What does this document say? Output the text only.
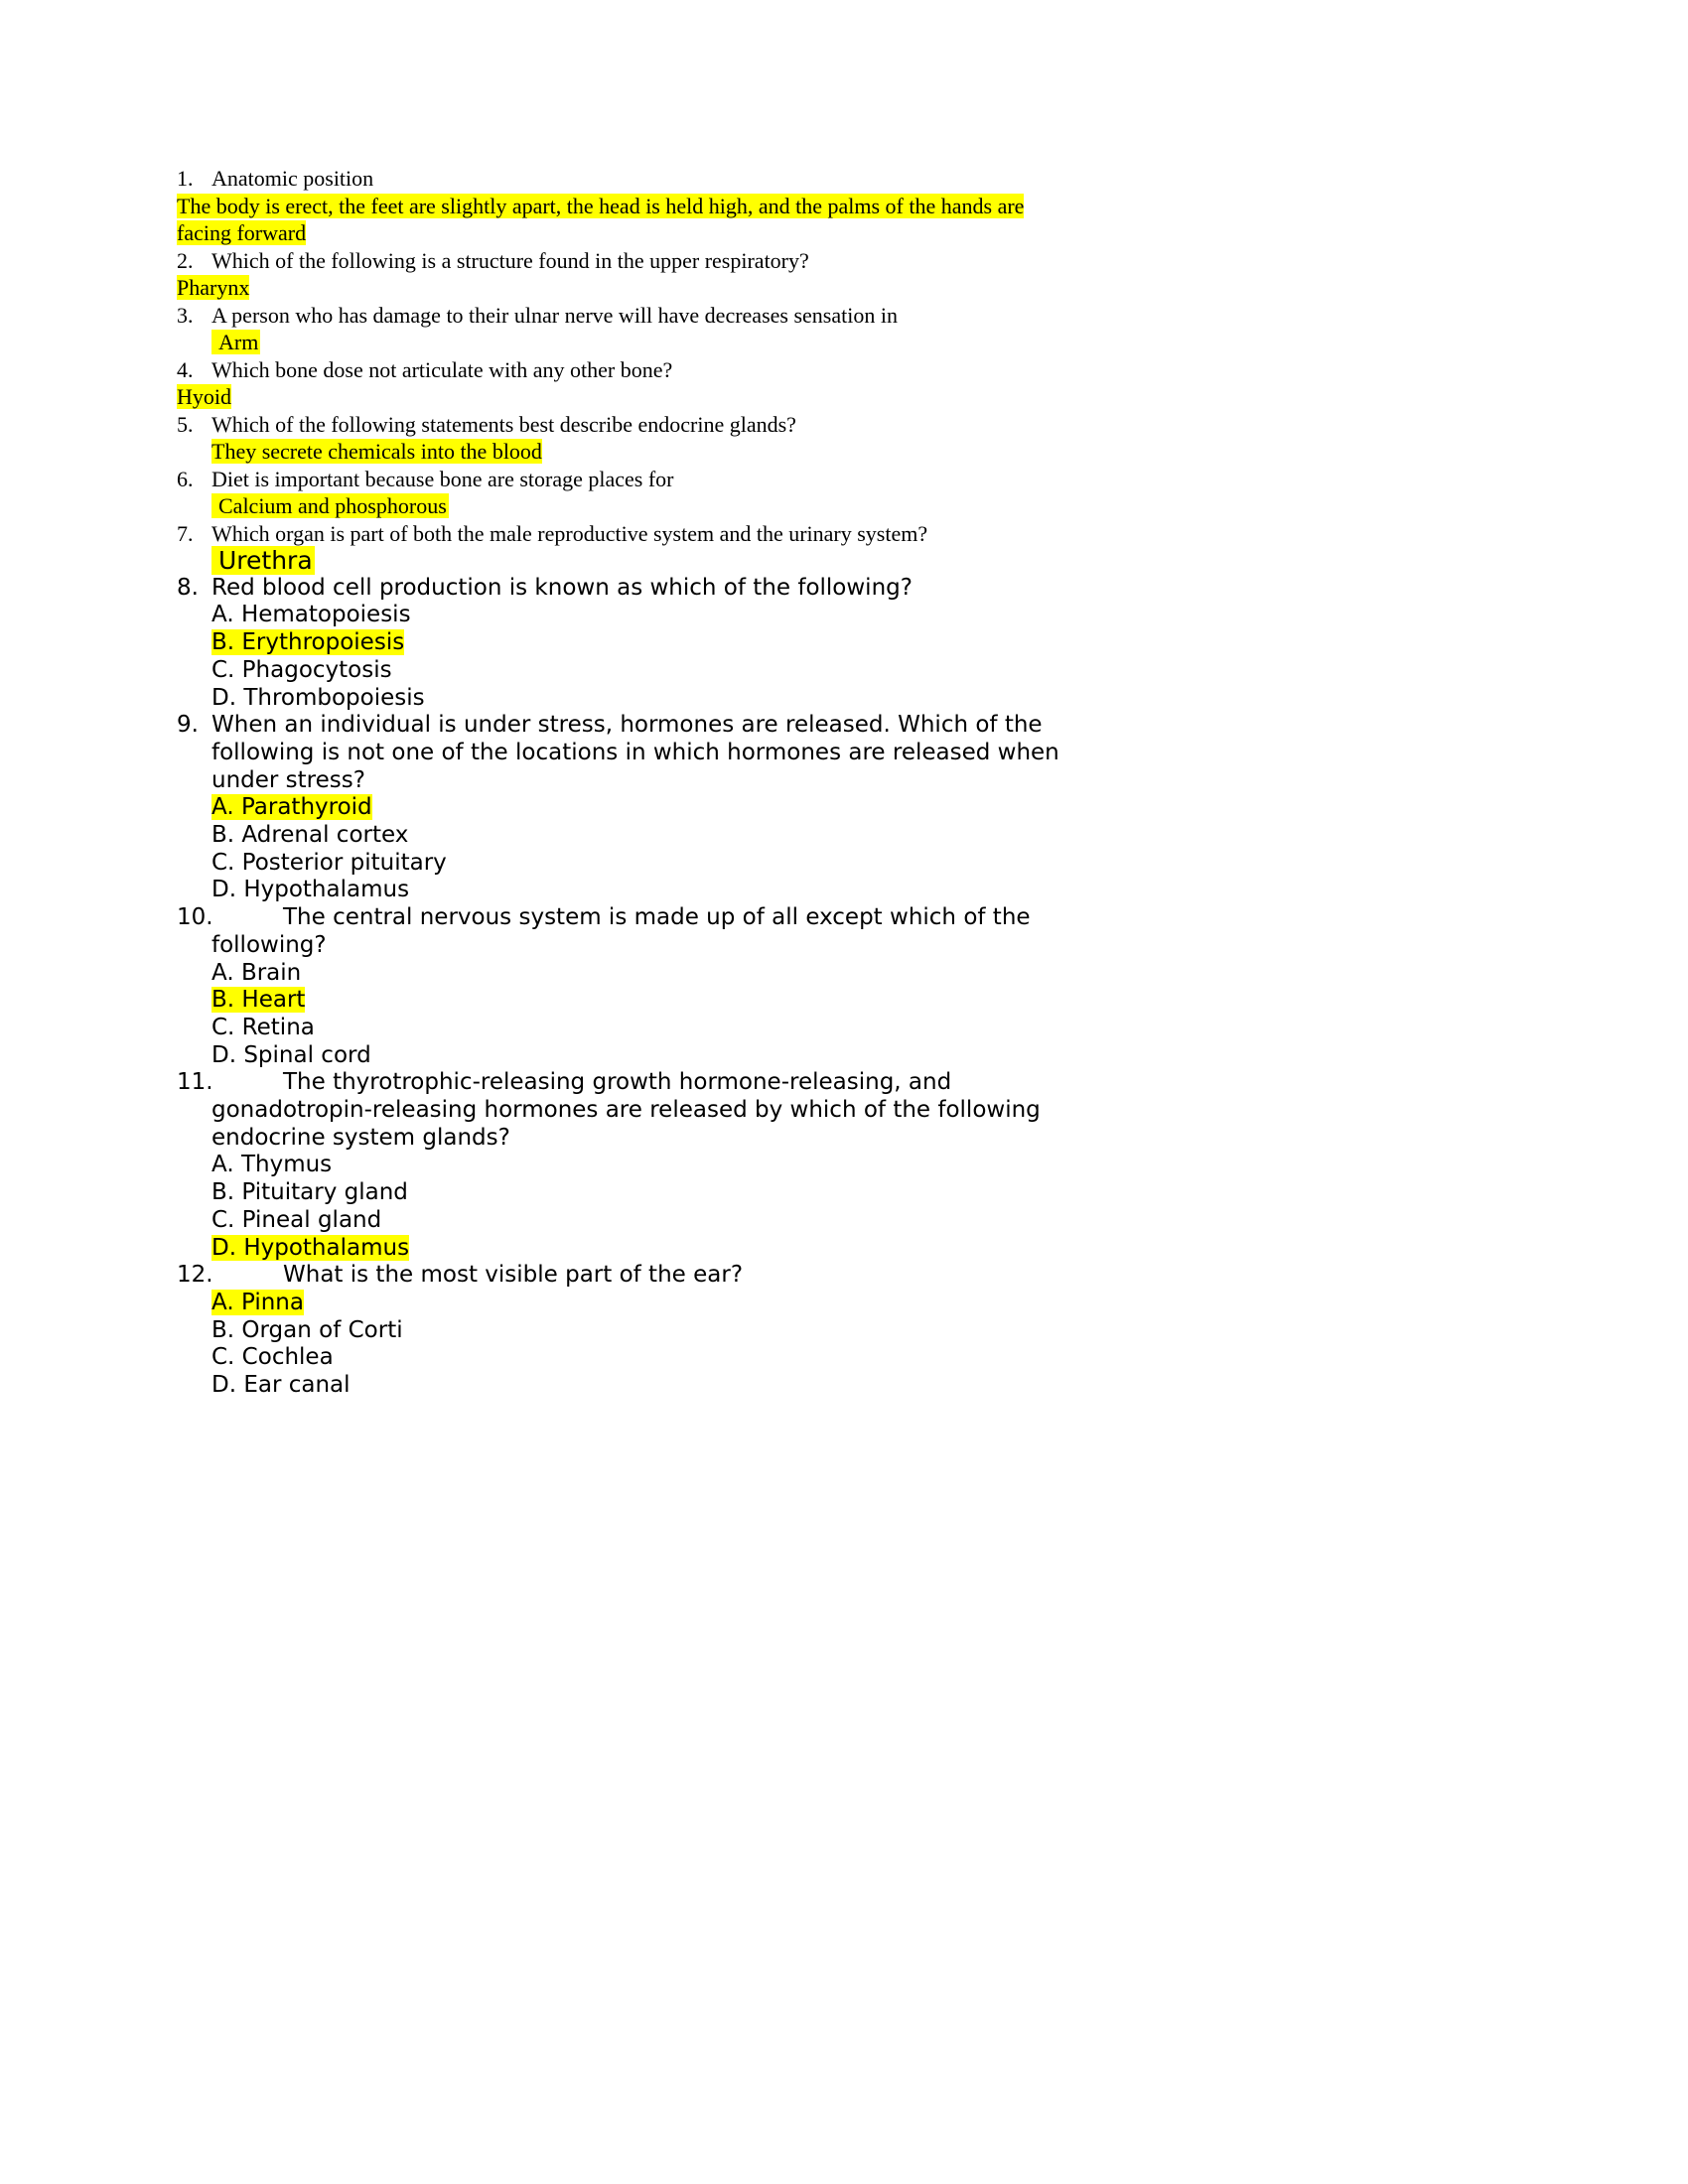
1. Anatomic position
The body is erect, the feet are slightly apart, the head is held high, and the palms of the hands are facing forward
2. Which of the following is a structure found in the upper respiratory?
Pharynx
3. A person who has damage to their ulnar nerve will have decreases sensation in
Arm
4. Which bone dose not articulate with any other bone?
Hyoid
5. Which of the following statements best describe endocrine glands?
They secrete chemicals into the blood
6. Diet is important because bone are storage places for
Calcium and phosphorous
7. Which organ is part of both the male reproductive system and the urinary system?
Urethra
8. Red blood cell production is known as which of the following?
A. Hematopoiesis
B. Erythropoiesis
C. Phagocytosis
D. Thrombopoiesis
9. When an individual is under stress, hormones are released. Which of the following is not one of the locations in which hormones are released when under stress?
A. Parathyroid
B. Adrenal cortex
C. Posterior pituitary
D. Hypothalamus
10.	The central nervous system is made up of all except which of the following?
A. Brain
B. Heart
C. Retina
D. Spinal cord
11.	The thyrotrophic-releasing growth hormone-releasing, and gonadotropin-releasing hormones are released by which of the following endocrine system glands?
A. Thymus
B. Pituitary gland
C. Pineal gland
D. Hypothalamus
12.	What is the most visible part of the ear?
A. Pinna
B. Organ of Corti
C. Cochlea
D. Ear canal
